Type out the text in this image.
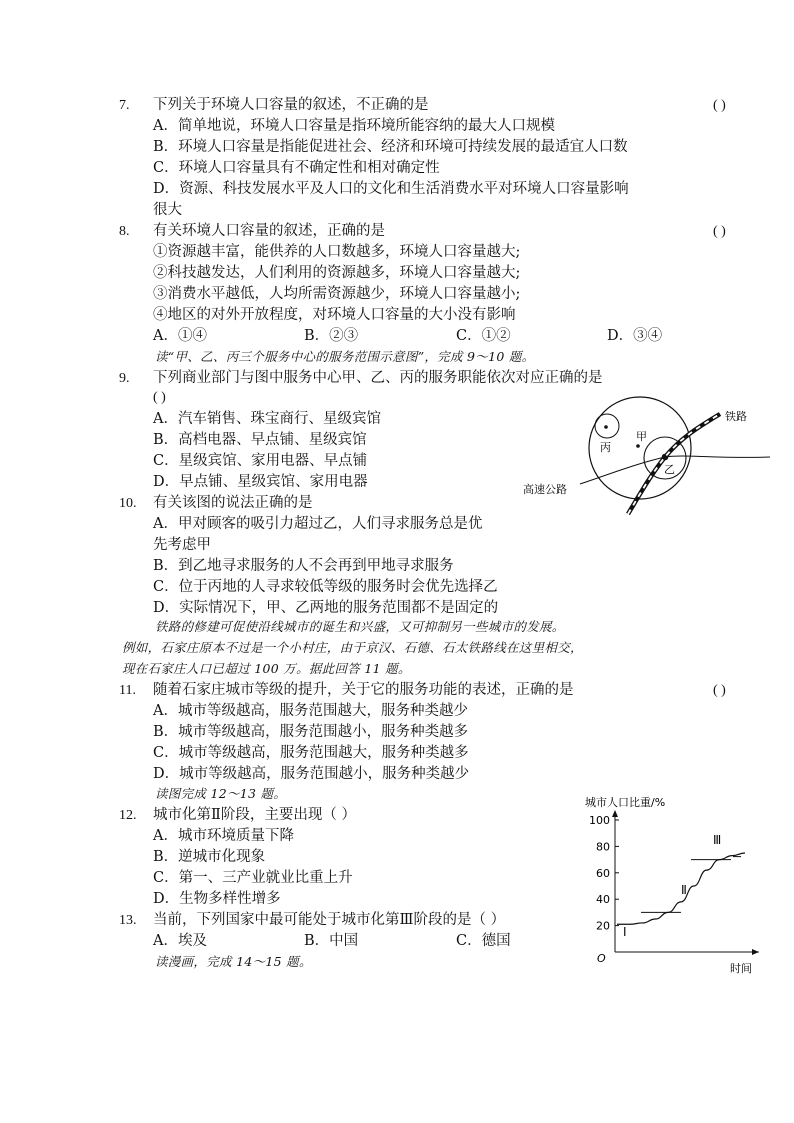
7. 下列关于环境人口容量的叙述，不正确的是	( )
A．简单地说，环境人口容量是指环境所能容纳的最大人口规模
B．环境人口容量是指能促进社会、经济和环境可持续发展的最适宜人口数
C．环境人口容量具有不确定性和相对确定性
D．资源、科技发展水平及人口的文化和生活消费水平对环境人口容量影响
很大
8. 有关环境人口容量的叙述，正确的是	( )
①资源越丰富，能供养的人口数越多，环境人口容量越大;
②科技越发达，人们利用的资源越多，环境人口容量越大;
③消费水平越低，人均所需资源越少，环境人口容量越小;
④地区的对外开放程度，对环境人口容量的大小没有影响
A．①④	B．②③	C．①②	D．③④
读“甲、乙、丙三个服务中心的服务范围示意图”，完成 9～10 题。
9. 下列商业部门与图中服务中心甲、乙、丙的服务职能依次对应正确的是
( )
A．汽车销售、珠宝商行、星级宾馆
B．高档电器、早点铺、星级宾馆
C．星级宾馆、家用电器、早点铺
D．早点铺、星级宾馆、家用电器
10. 有关该图的说法正确的是
A．甲对顾客的吸引力超过乙，人们寻求服务总是优
先考虑甲
B．到乙地寻求服务的人不会再到甲地寻求服务
C．位于丙地的人寻求较低等级的服务时会优先选择乙
D．实际情况下，甲、乙两地的服务范围都不是固定的
铁路的修建可促使沿线城市的诞生和兴盛，又可抑制另一些城市的发展。
例如，石家庄原本不过是一个小村庄，由于京汉、石德、石太铁路线在这里相交，
现在石家庄人口已超过 100 万。据此回答 11 题。
11. 随着石家庄城市等级的提升，关于它的服务功能的表述，正确的是	( )
A．城市等级越高，服务范围越大，服务种类越少
B．城市等级越高，服务范围越小，服务种类越多
C．城市等级越高，服务范围越大，服务种类越多
D．城市等级越高，服务范围越小，服务种类越少
读图完成 12～13 题。
12. 城市化第Ⅱ阶段，主要出现（ ）
A．城市环境质量下降
B．逆城市化现象
C．第一、三产业就业比重上升
D．生物多样性增多
13. 当前，下列国家中最可能处于城市化第Ⅲ阶段的是（ ）
A．埃及	B．中国	C．德国
读漫画，完成 14～15 题。
铁路
高速公路
甲
丙
乙
城市人口比重/%
时间
O
20
40
60
80
100
Ⅰ
Ⅱ
Ⅲ
